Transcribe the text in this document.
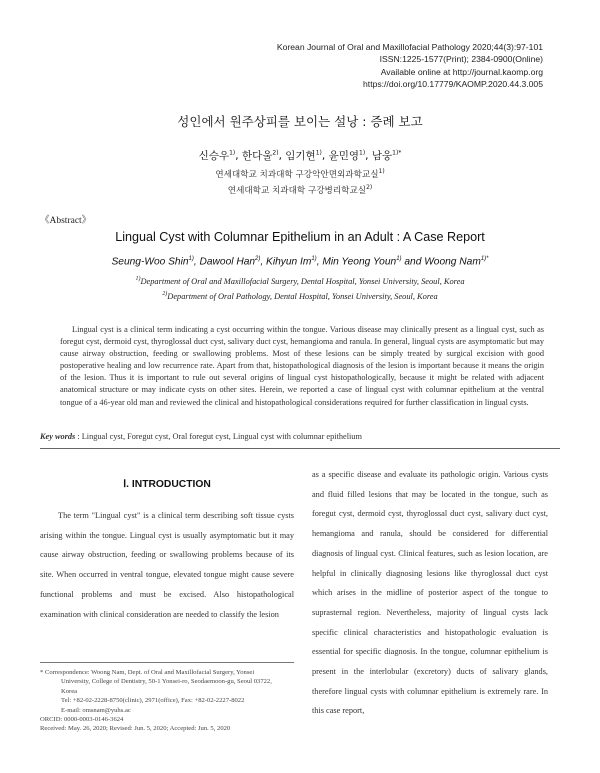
Korean Journal of Oral and Maxillofacial Pathology 2020;44(3):97-101
ISSN:1225-1577(Print); 2384-0900(Online)
Available online at http://journal.kaomp.org
https://doi.org/10.17779/KAOMP.2020.44.3.005
성인에서 원주상피를 보이는 설낭 : 증례 보고
신승우$^{1)}$, 한다울$^{2)}$, 임기현$^{1)}$, 윤민영$^{1)}$, 남웅$^{1)*}$
연세대학교 치과대학 구강악안면외과학교실$^{1)}$
연세대학교 치과대학 구강병리학교실$^{2)}$
《Abstract》
Lingual Cyst with Columnar Epithelium in an Adult : A Case Report
Seung-Woo Shin$^{1)}$, Dawool Han$^{2)}$, Kihyun Im$^{1)}$, Min Yeong Youn$^{1)}$ and Woong Nam$^{1)*}$
$^{1)}$Department of Oral and Maxillofacial Surgery, Dental Hospital, Yonsei University, Seoul, Korea
$^{2)}$Department of Oral Pathology, Dental Hospital, Yonsei University, Seoul, Korea

Lingual cyst is a clinical term indicating a cyst occurring within the tongue. Various disease may clinically present as a lingual cyst, such as foregut cyst, dermoid cyst, thyroglossal duct cyst, salivary duct cyst, hemangioma and ranula. In general, lingual cysts are asymptomatic but may cause airway obstruction, feeding or swallowing problems. Most of these lesions can be simply treated by surgical excision with good postoperative healing and low recurrence rate. Apart from that, histopathological diagnosis of the lesion is important because it means the origin of the lesion. Thus it is important to rule out several origins of lingual cyst histopathologically, because it might be related with adjacent anatomical structure or may indicate cysts on other sites. Herein, we reported a case of lingual cyst with columnar epithelium at the ventral tongue of a 46-year old man and reviewed the clinical and histopathological considerations required for further classification in lingual cysts.

Key words : Lingual cyst, Foregut cyst, Oral foregut cyst, Lingual cyst with columnar epithelium
Ⅰ. INTRODUCTION

The term "Lingual cyst" is a clinical term describing soft tissue cysts arising within the tongue. Lingual cyst is usually asymptomatic but it may cause airway obstruction, feeding or swallowing problems because of its site. When occurred in ventral tongue, elevated tongue might cause severe functional problems and must be excised. Also histopathological examination with clinical consideration are needed to classify the lesion

as a specific disease and evaluate its pathologic origin. Various cysts and fluid filled lesions that may be located in the tongue, such as foregut cyst, dermoid cyst, thyroglossal duct cyst, salivary duct cyst, hemangioma and ranula, should be considered for differential diagnosis of lingual cyst. Clinical features, such as lesion location, are helpful in clinically diagnosing lesions like thyroglossal duct cyst which arises in the midline of posterior aspect of the tongue to suprasternal region. Nevertheless, majority of lingual cysts lack specific clinical characteristics and histopathologic evaluation is essential for specific diagnosis. In the tongue, columnar epithelium is present in the interlobular (excretory) ducts of salivary glands, therefore lingual cysts with columnar epithelium is extremely rare. In this case report,

* Correspondence: Woong Nam, Dept. of Oral and Maxillofacial Surgery, Yonsei
University, College of Dentistry, 50-1 Yonsei-ro, Seodaemoon-gu, Seoul 03722,
Korea
Tel: +82-02-2228-8750(clinic), 2971(office), Fax: +82-02-2227-8022
E-mail: omsnam@yuhs.ac
ORCID: 0000-0003-0146-3624
Received: May. 26, 2020; Revised: Jun. 5, 2020; Accepted: Jun. 5, 2020
